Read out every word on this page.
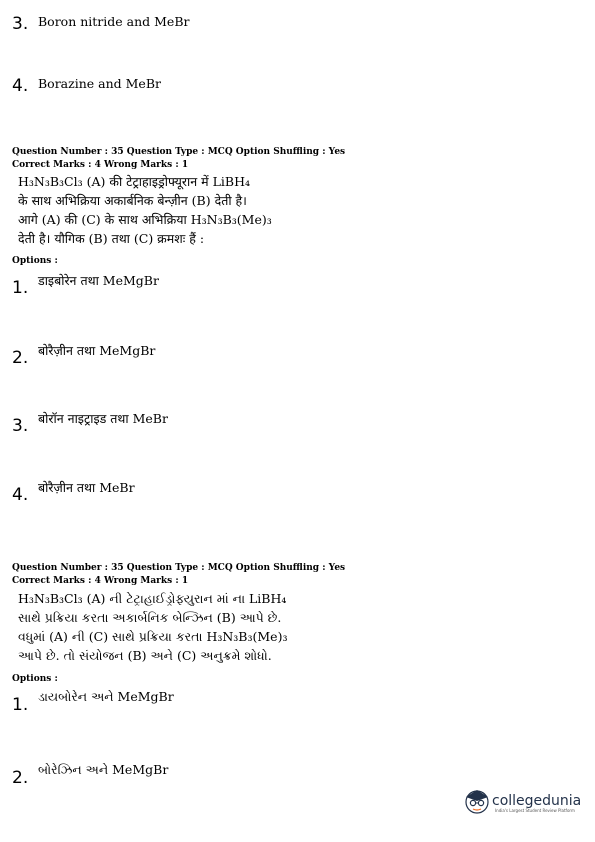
3. Boron nitride and MeBr
4. Borazine and MeBr
Question Number : 35 Question Type : MCQ Option Shuffling : Yes
Correct Marks : 4 Wrong Marks : 1
H₃N₃B₃Cl₃ (A) की टेट्राहाइड्रोफ्यूरान में LiBH₄
के साथ अभिक्रिया अकार्बनिक बेन्ज़ीन (B) देती है।
आगे (A) की (C) के साथ अभिक्रिया H₃N₃B₃(Me)₃
देती है। यौगिक (B) तथा (C) क्रमशः हैं :
Options :
1. डाइबोरेन तथा MeMgBr
2. बोरैज़ीन तथा MeMgBr
3. बोरॉन नाइट्राइड तथा MeBr
4. बोरैज़ीन तथा MeBr
Question Number : 35 Question Type : MCQ Option Shuffling : Yes
Correct Marks : 4 Wrong Marks : 1
H₃N₃B₃Cl₃ (A) ની ટેટ્રાહાઈડ્રોફ્યુરાન માં ના LiBH₄
સાથે પ્રક્રિયા કરતા અકાર્બનિક બેન્ઝિન (B) આપે છે.
વધુમાં (A) ની (C) સાથે પ્રક્રિયા કરતા H₃N₃B₃(Me)₃
આપે છે. તો સંયોજન (B) અને (C) અનુક્રમે શોધો.
Options :
1. ડાયબોરેન અને MeMgBr
2. બોરેઝિન અને MeMgBr
collegedunia
India's Largest Student Review Platform
